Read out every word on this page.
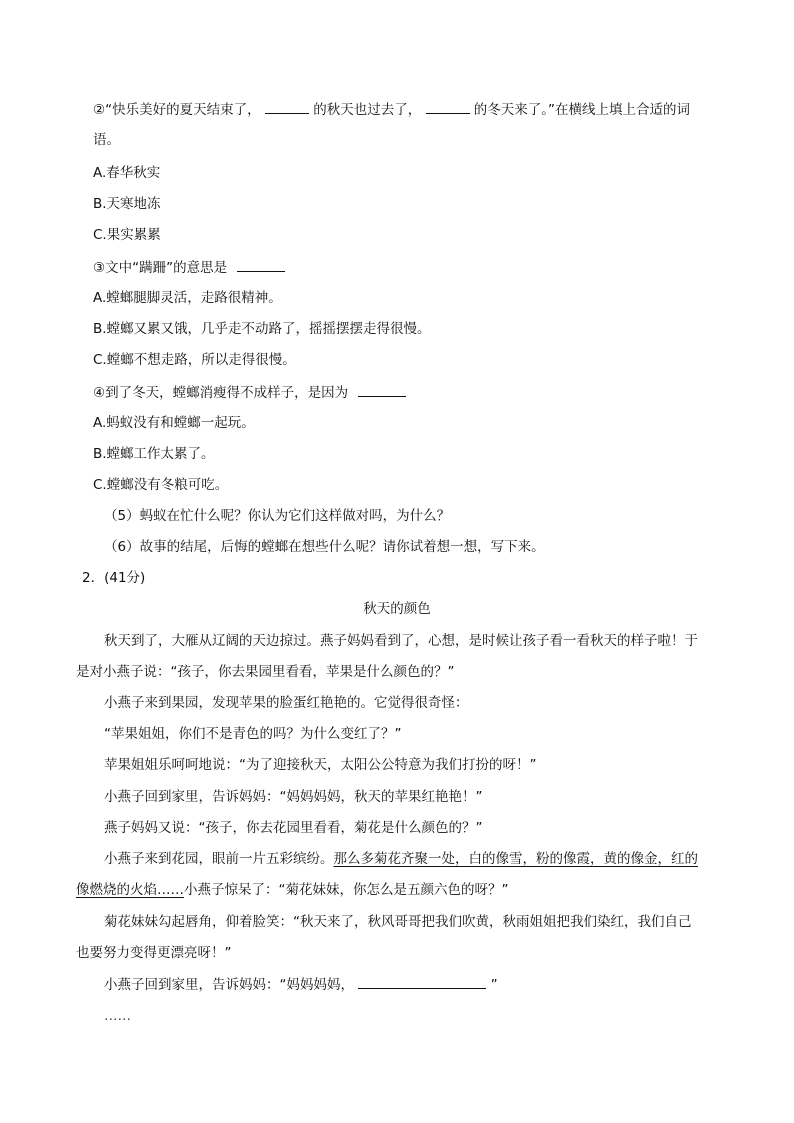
②“快乐美好的夏天结束了，	的秋天也过去了，	的冬天来了。”在横线上填上合适的词
语。
A.春华秋实
B.天寒地冻
C.果实累累
③文中“蹒跚”的意思是
A.螳螂腿脚灵活，走路很精神。
B.螳螂又累又饿，几乎走不动路了，摇摇摆摆走得很慢。
C.螳螂不想走路，所以走得很慢。
④到了冬天，螳螂消瘦得不成样子，是因为
A.蚂蚁没有和螳螂一起玩。
B.螳螂工作太累了。
C.螳螂没有冬粮可吃。
（5）蚂蚁在忙什么呢？你认为它们这样做对吗，为什么？
（6）故事的结尾，后悔的螳螂在想些什么呢？请你试着想一想，写下来。
2．(41分)
秋天的颜色
秋天到了，大雁从辽阔的天边掠过。燕子妈妈看到了，心想，是时候让孩子看一看秋天的样子啦！于
是对小燕子说：“孩子，你去果园里看看，苹果是什么颜色的？”
小燕子来到果园，发现苹果的脸蛋红艳艳的。它觉得很奇怪：
“苹果姐姐，你们不是青色的吗？为什么变红了？”
苹果姐姐乐呵呵地说：“为了迎接秋天，太阳公公特意为我们打扮的呀！”
小燕子回到家里，告诉妈妈：“妈妈妈妈，秋天的苹果红艳艳！”
燕子妈妈又说：“孩子，你去花园里看看，菊花是什么颜色的？”
小燕子来到花园，眼前一片五彩缤纷。那么多菊花齐聚一处，白的像雪，粉的像霞，黄的像金，红的
像燃烧的火焰……小燕子惊呆了：“菊花妹妹，你怎么是五颜六色的呀？”
菊花妹妹勾起唇角，仰着脸笑：“秋天来了，秋风哥哥把我们吹黄，秋雨姐姐把我们染红，我们自己
也要努力变得更漂亮呀！”
小燕子回到家里，告诉妈妈：“妈妈妈妈，	”
……
